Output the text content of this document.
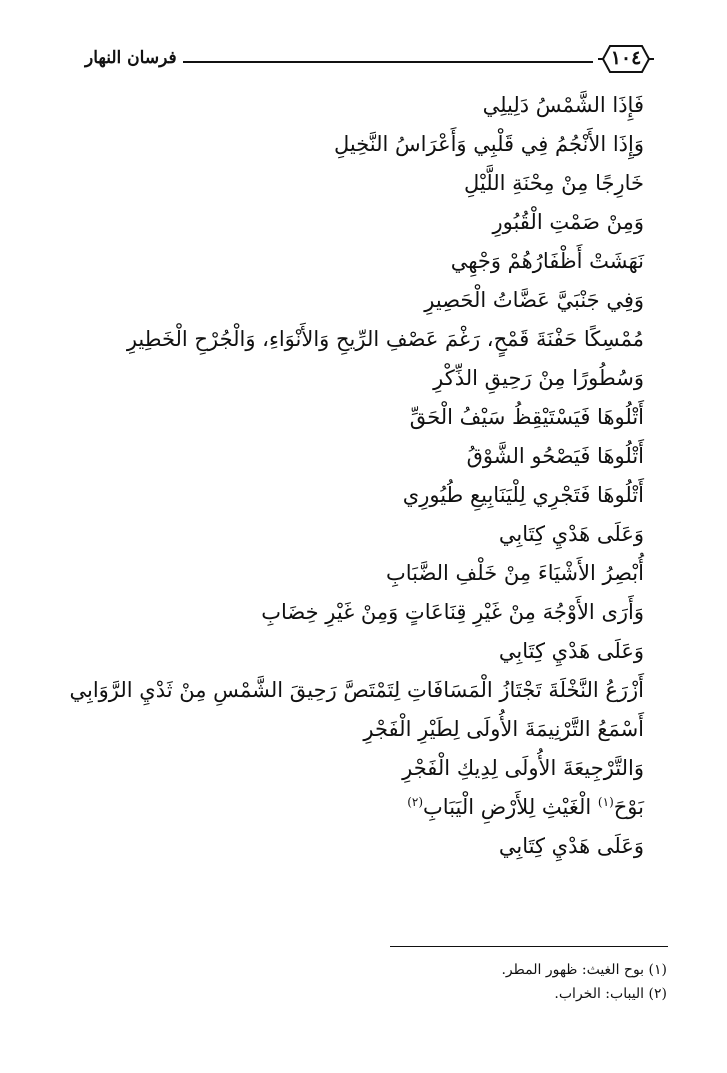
فرسان النهار	١٠٤
فَإِذَا الشَّمْسُ دَلِيلِي
وَإِذَا الأَنْجُمُ فِي قَلْبِي وَأَعْرَاسُ النَّخِيلِ
خَارِجًا مِنْ مِحْنَةِ اللَّيْلِ
وَمِنْ صَمْتِ الْقُبُورِ
نَهَشَتْ أَظْفَارُهُمْ وَجْهِي
وَفِي جَنْبَيَّ عَضَّاتُ الْحَصِيرِ
مُمْسِكًا حَفْنَةَ قَمْحٍ، رَغْمَ عَصْفِ الرِّيحِ وَالأَنْوَاءِ، وَالْجُرْحِ الْخَطِيرِ
وَسُطُورًا مِنْ رَحِيقِ الذِّكْرِ
أَتْلُوهَا فَيَسْتَيْقِظُ سَيْفُ الْحَقِّ
أَتْلُوهَا فَيَصْحُو الشَّوْقُ
أَتْلُوهَا فَتَجْرِي لِلْيَنَابِيعِ طُيُورِي
وَعَلَى هَدْيِ كِتَابِي
أُبْصِرُ الأَشْيَاءَ مِنْ خَلْفِ الضَّبَابِ
وَأَرَى الأَوْجُهَ مِنْ غَيْرِ قِنَاعَاتٍ وَمِنْ غَيْرِ خِضَابِ
وَعَلَى هَدْيِ كِتَابِي
أَزْرَعُ النَّخْلَةَ تَجْتَازُ الْمَسَافَاتِ لِتَمْتَصَّ رَحِيقَ الشَّمْسِ مِنْ ثَدْيِ الرَّوَابِي
أَسْمَعُ التَّرْنِيمَةَ الأُولَى لِطَيْرِ الْفَجْرِ
وَالتَّرْجِيعَةَ الأُولَى لِدِيكِ الْفَجْرِ
بَوْحَ$^{(١)}$ الْغَيْثِ لِلأَرْضِ الْيَبَابِ$^{(٢)}$
وَعَلَى هَدْيِ كِتَابِي
(١) بوح الغيث: ظهور المطر.
(٢) اليباب: الخراب.
